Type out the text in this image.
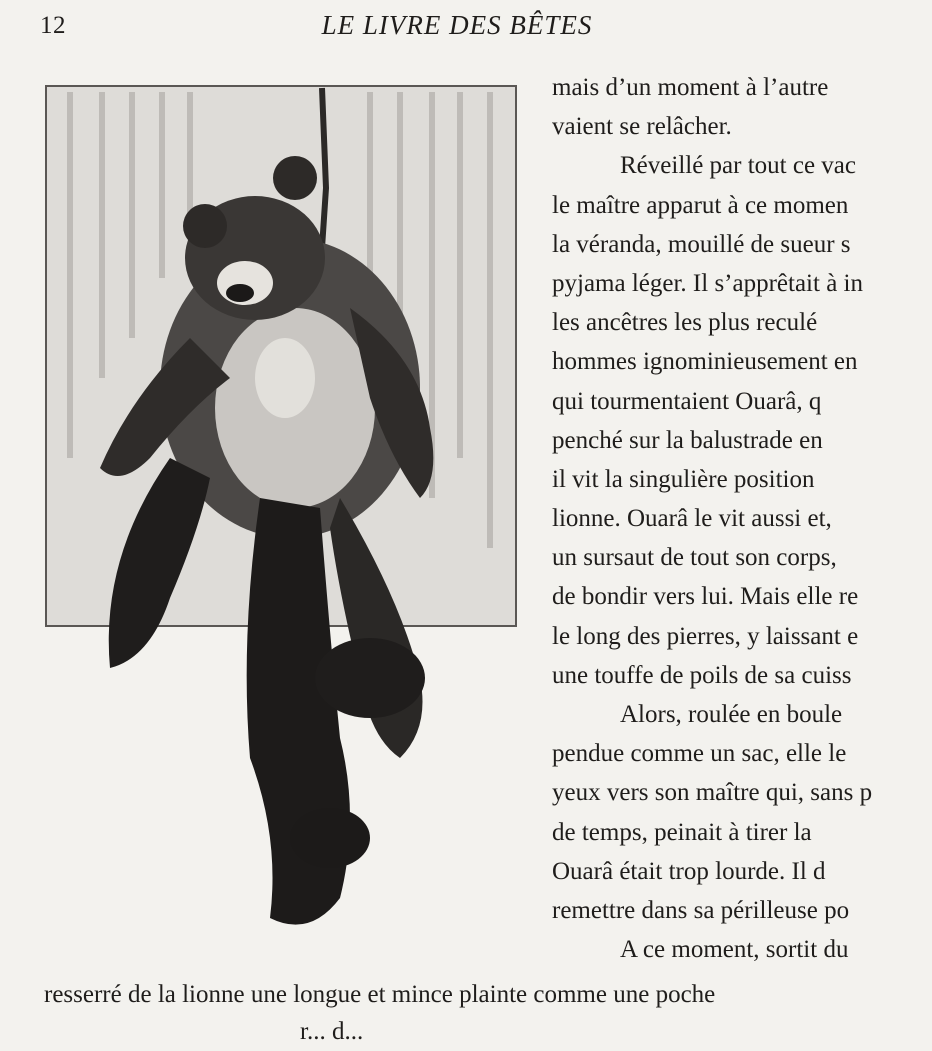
12	LE LIVRE DES BÊTES
mais d’un moment à l’autre
vaient se relâcher.
Réveillé par tout ce vac
le maître apparut à ce momen
la véranda, mouillé de sueur s
pyjama léger. Il s’apprêtait à in
les ancêtres les plus reculé
hommes ignominieusement en
qui tourmentaient Ouarâ, q
penché sur la balustrade en
il vit la singulière position
lionne. Ouarâ le vit aussi et,
un sursaut de tout son corps,
de bondir vers lui. Mais elle re
le long des pierres, y laissant e
une touffe de poils de sa cuiss
Alors, roulée en boule
pendue comme un sac, elle le
yeux vers son maître qui, sans p
de temps, peinait à tirer la
Ouarâ était trop lourde. Il d
remettre dans sa périlleuse po
A ce moment, sortit du
resserré de la lionne une longue et mince plainte comme une poche
r... d...
